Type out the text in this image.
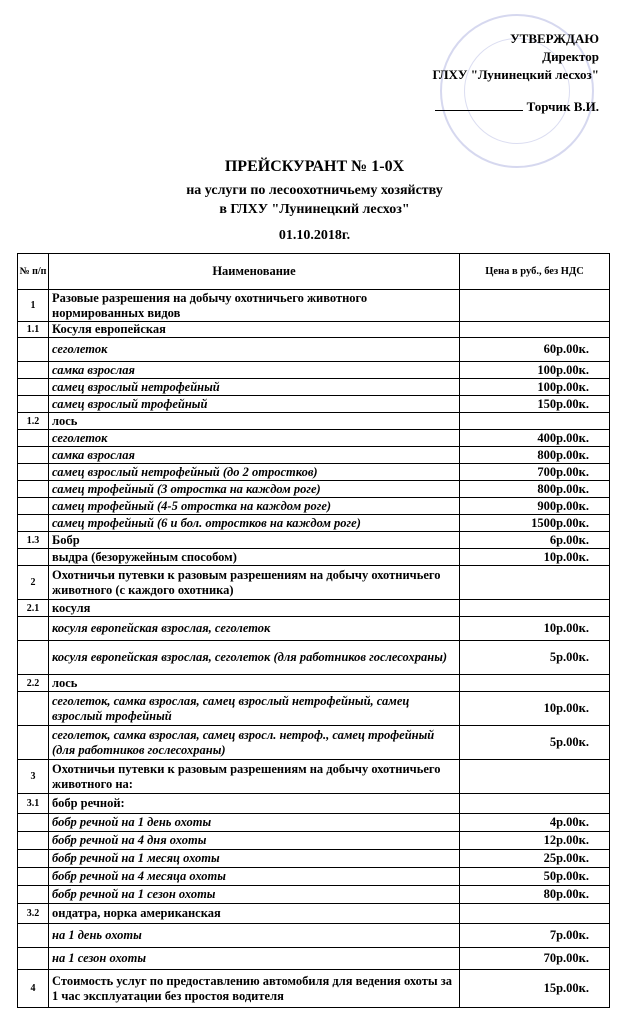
УТВЕРЖДАЮ
Директор
ГЛХУ "Лунинецкий лесхоз"
Торчик В.И.
ПРЕЙСКУРАНТ № 1-0Х
на услуги по лесоохотничьему хозяйству
в ГЛХУ "Лунинецкий лесхоз"
01.10.2018г.
№ п/п	Наименование	Цена в руб., без НДС
1	Разовые разрешения на добычу охотничьего животного нормированных видов	
1.1	Косуля европейская	
	сеголеток	60р.00к.
	самка взрослая	100р.00к.
	самец взрослый нетрофейный	100р.00к.
	самец взрослый трофейный	150р.00к.
1.2	лось	
	сеголеток	400р.00к.
	самка взрослая	800р.00к.
	самец взрослый нетрофейный (до 2 отростков)	700р.00к.
	самец трофейный (3 отростка на каждом роге)	800р.00к.
	самец трофейный (4-5 отростка на каждом роге)	900р.00к.
	самец трофейный (6 и бол. отростков на каждом роге)	1500р.00к.
1.3	Бобр	6р.00к.
	выдра (безоружейным способом)	10р.00к.
2	Охотничьи путевки к разовым разрешениям на добычу охотничьего животного (с каждого охотника)	
2.1	косуля	
	косуля европейская взрослая, сеголеток	10р.00к.
	косуля европейская взрослая, сеголеток (для работников гослесохраны)	5р.00к.
2.2	лось	
	сеголеток, самка взрослая, самец взрослый нетрофейный, самец взрослый трофейный	10р.00к.
	сеголеток, самка взрослая, самец взросл. нетроф., самец трофейный (для работников гослесохраны)	5р.00к.
3	Охотничьи путевки к разовым разрешениям на добычу охотничьего животного на:	
3.1	бобр речной:	
	бобр речной на 1 день охоты	4р.00к.
	бобр речной на 4 дня охоты	12р.00к.
	бобр речной на 1 месяц охоты	25р.00к.
	бобр речной на 4 месяца охоты	50р.00к.
	бобр речной на 1 сезон охоты	80р.00к.
3.2	ондатра, норка американская	
	на 1 день охоты	7р.00к.
	на 1 сезон охоты	70р.00к.
4	Стоимость услуг по предоставлению автомобиля для ведения охоты за 1 час эксплуатации без простоя водителя	15р.00к.
